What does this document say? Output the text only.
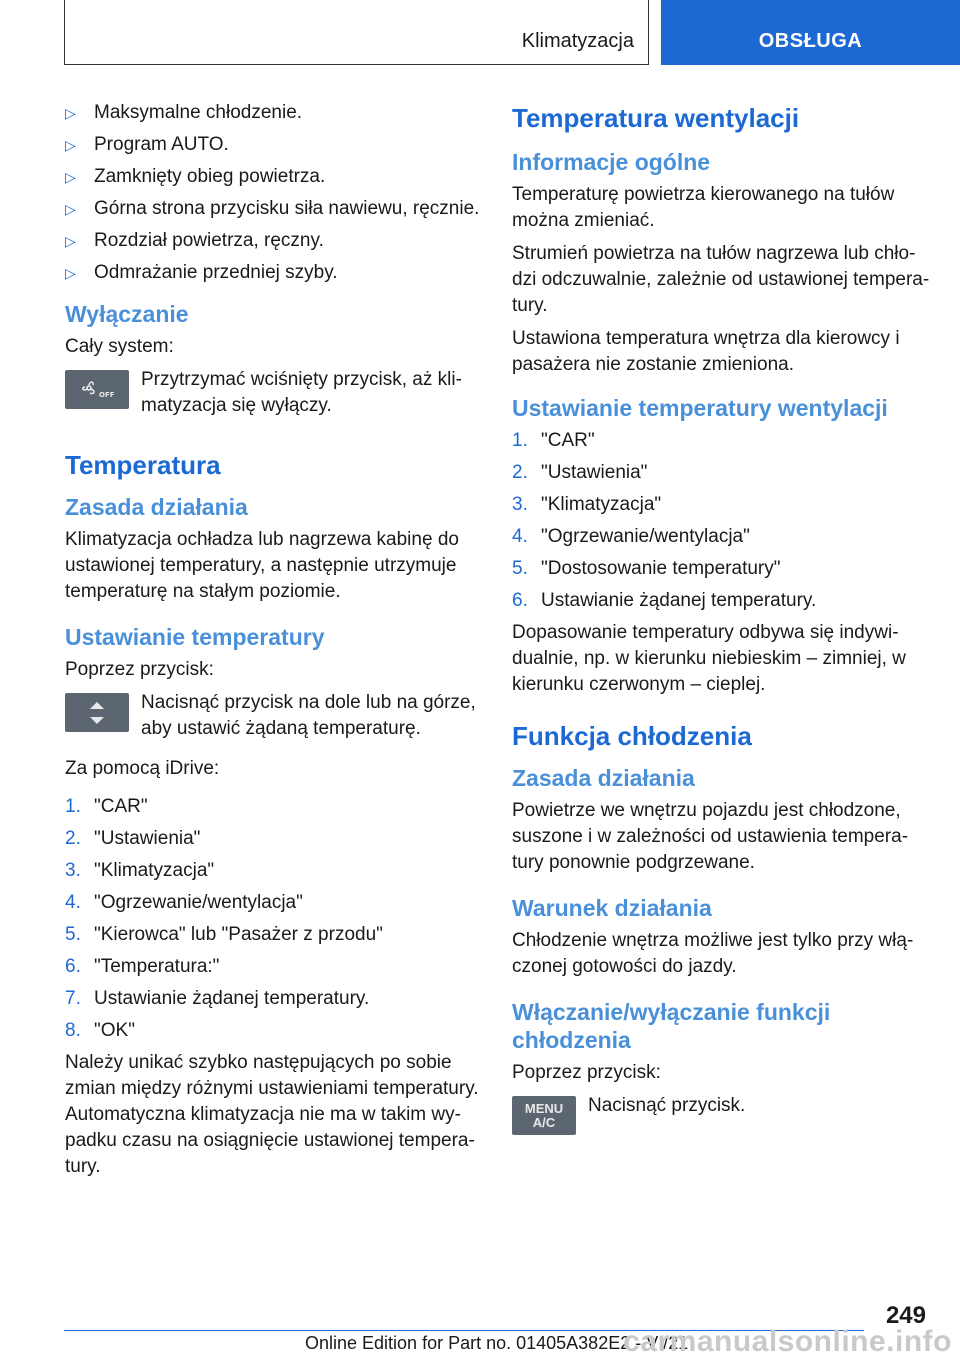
Klimatyzacja	OBSŁUGA
▷ Maksymalne chłodzenie.
▷ Program AUTO.
▷ Zamknięty obieg powietrza.
▷ Górna strona przycisku siła nawiewu, ręcznie.
▷ Rozdział powietrza, ręczny.
▷ Odmrażanie przedniej szyby.
Wyłączanie

Cały system:

OFF
Przytrzymać wciśnięty przycisk, aż klimatyzacja się wyłączy.
Temperatura
Zasada działania

Klimatyzacja ochładza lub nagrzewa kabinę do ustawionej temperatury, a następnie utrzymuje temperaturę na stałym poziomie.

Ustawianie temperatury

Poprzez przycisk:

Nacisnąć przycisk na dole lub na górze, aby ustawić żądaną temperaturę.

Za pomocą iDrive:

1. "CAR"
2. "Ustawienia"
3. "Klimatyzacja"
4. "Ogrzewanie/wentylacja"
5. "Kierowca" lub "Pasażer z przodu"
6. "Temperatura:"
7. Ustawianie żądanej temperatury.
8. "OK"

Należy unikać szybko następujących po sobie zmian między różnymi ustawieniami temperatury. Automatyczna klimatyzacja nie ma w takim wypadku czasu na osiągnięcie ustawionej temperatury.

Temperatura wentylacji
Informacje ogólne

Temperaturę powietrza kierowanego na tułów można zmieniać.

Strumień powietrza na tułów nagrzewa lub chłodzi odczuwalnie, zależnie od ustawionej temperatury.

Ustawiona temperatura wnętrza dla kierowcy i pasażera nie zostanie zmieniona.

Ustawianie temperatury wentylacji
1. "CAR"
2. "Ustawienia"
3. "Klimatyzacja"
4. "Ogrzewanie/wentylacja"
5. "Dostosowanie temperatury"
6. Ustawianie żądanej temperatury.

Dopasowanie temperatury odbywa się indywidualnie, np. w kierunku niebieskim – zimniej, w kierunku czerwonym – cieplej.

Funkcja chłodzenia
Zasada działania

Powietrze we wnętrzu pojazdu jest chłodzone, suszone i w zależności od ustawienia temperatury ponownie podgrzewane.

Warunek działania

Chłodzenie wnętrza możliwe jest tylko przy włączonej gotowości do jazdy.

Włączanie/wyłączanie funkcji chłodzenia

Poprzez przycisk:

MENU
A/C
Nacisnąć przycisk.
249
Online Edition for Part no. 01405A382E2 - VI/21
carmanualsonline.info
